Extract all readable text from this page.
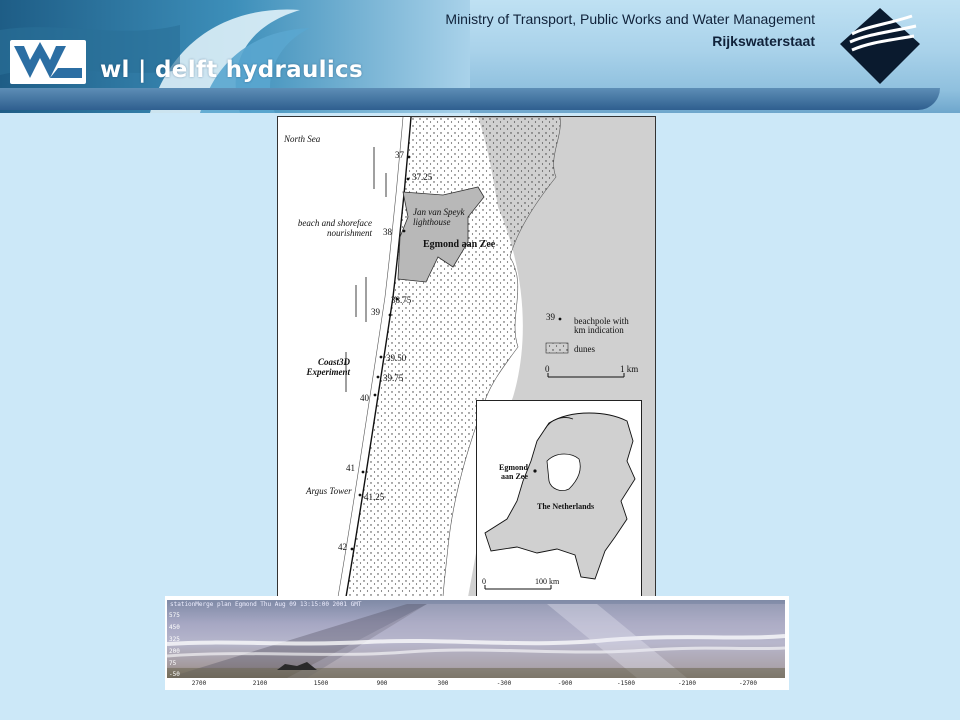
wl | delft hydraulics
Ministry of Transport, Public Works and Water Management
Rijkswaterstaat
North Sea
beach and shoreface
nourishment
Jan van Speyk
lighthouse
Egmond aan Zee
Coast3D
Experiment
Argus Tower
37
37.25
38
38.75
39
39.50
39.75
40
41
41.25
42
39 beachpole with
km indication
dunes
0	1 km
Egmond
aan Zee
The Netherlands
0	100 km
stationMerge plan Egmond Thu Aug 09 13:15:00 2001 GMT
575
450
325
200
75
-50
2700	2100	1500	900	300	-300	-900	-1500	-2100	-2700
